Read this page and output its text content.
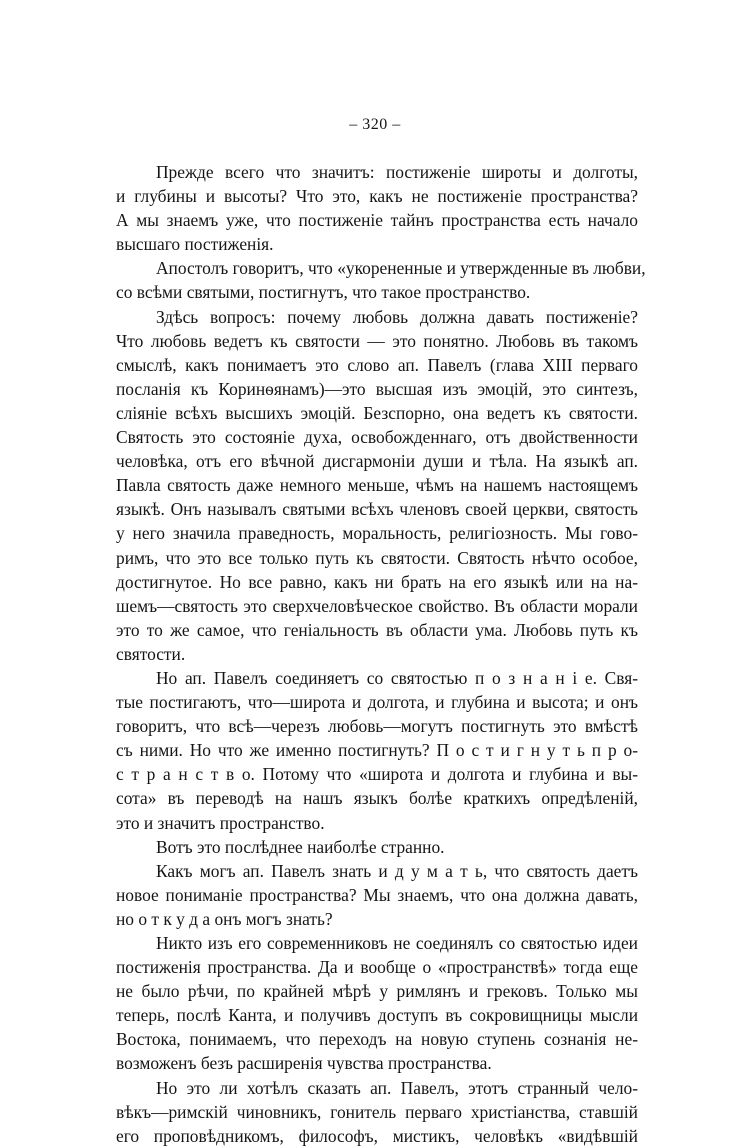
– 320 –
Прежде всего что значитъ: постиженіе широты и долготы,
и глубины и высоты? Что это, какъ не постиженіе пространства?
А мы знаемъ уже, что постиженіе тайнъ пространства есть начало
высшаго постиженія.
Апостолъ говоритъ, что «укорененные и утвержденные въ любви,
со всѣми святыми, постигнутъ, что такое пространство.
Здѣсь вопросъ: почему любовь должна давать постиженіе?
Что любовь ведетъ къ святости — это понятно. Любовь въ такомъ
смыслѣ, какъ понимаетъ это слово ап. Павелъ (глава XIII перваго
посланія къ Коринѳянамъ)—это высшая изъ эмоцій, это синтезъ,
сліяніе всѣхъ высшихъ эмоцій. Безспорно, она ведетъ къ святости.
Святость это состояніе духа, освобожденнаго, отъ двойственности
человѣка, отъ его вѣчной дисгармоніи души и тѣла. На языкѣ ап.
Павла святость даже немного меньше, чѣмъ на нашемъ настоящемъ
языкѣ. Онъ называлъ святыми всѣхъ членовъ своей церкви, святость
у него значила праведность, моральность, религіозность. Мы гово-
римъ, что это все только путь къ святости. Святость нѣчто особое,
достигнутое. Но все равно, какъ ни брать на его языкѣ или на на-
шемъ—святость это сверхчеловѣческое свойство. Въ области морали
это то же самое, что геніальность въ области ума. Любовь путь къ
святости.
Но ап. Павелъ соединяетъ со святостью п о з н а н і е. Свя-
тые постигаютъ, что—широта и долгота, и глубина и высота; и онъ
говоритъ, что всѣ—черезъ любовь—могутъ постигнуть это вмѣстѣ
съ ними. Но что же именно постигнуть? П о с т и г н у т ь п р о-
с т р а н с т в о. Потому что «широта и долгота и глубина и вы-
сота» въ переводѣ на нашъ языкъ болѣе краткихъ опредѣленій,
это и значитъ пространство.
Вотъ это послѣднее наиболѣе странно.
Какъ могъ ап. Павелъ знать и д у м а т ь, что святость даетъ
новое пониманіе пространства? Мы знаемъ, что она должна давать,
но о т к у д а онъ могъ знать?
Никто изъ его современниковъ не соединялъ со святостью идеи
постиженія пространства. Да и вообще о «пространствѣ» тогда еще
не было рѣчи, по крайней мѣрѣ у римлянъ и грековъ. Только мы
теперь, послѣ Канта, и получивъ доступъ въ сокровищницы мысли
Востока, понимаемъ, что переходъ на новую ступень сознанія не-
возможенъ безъ расширенія чувства пространства.
Но это ли хотѣлъ сказать ап. Павелъ, этотъ странный чело-
вѣкъ—римскій чиновникъ, гонитель перваго христіанства, ставшій
его проповѣдникомъ, философъ, мистикъ, человѣкъ «видѣвшій
